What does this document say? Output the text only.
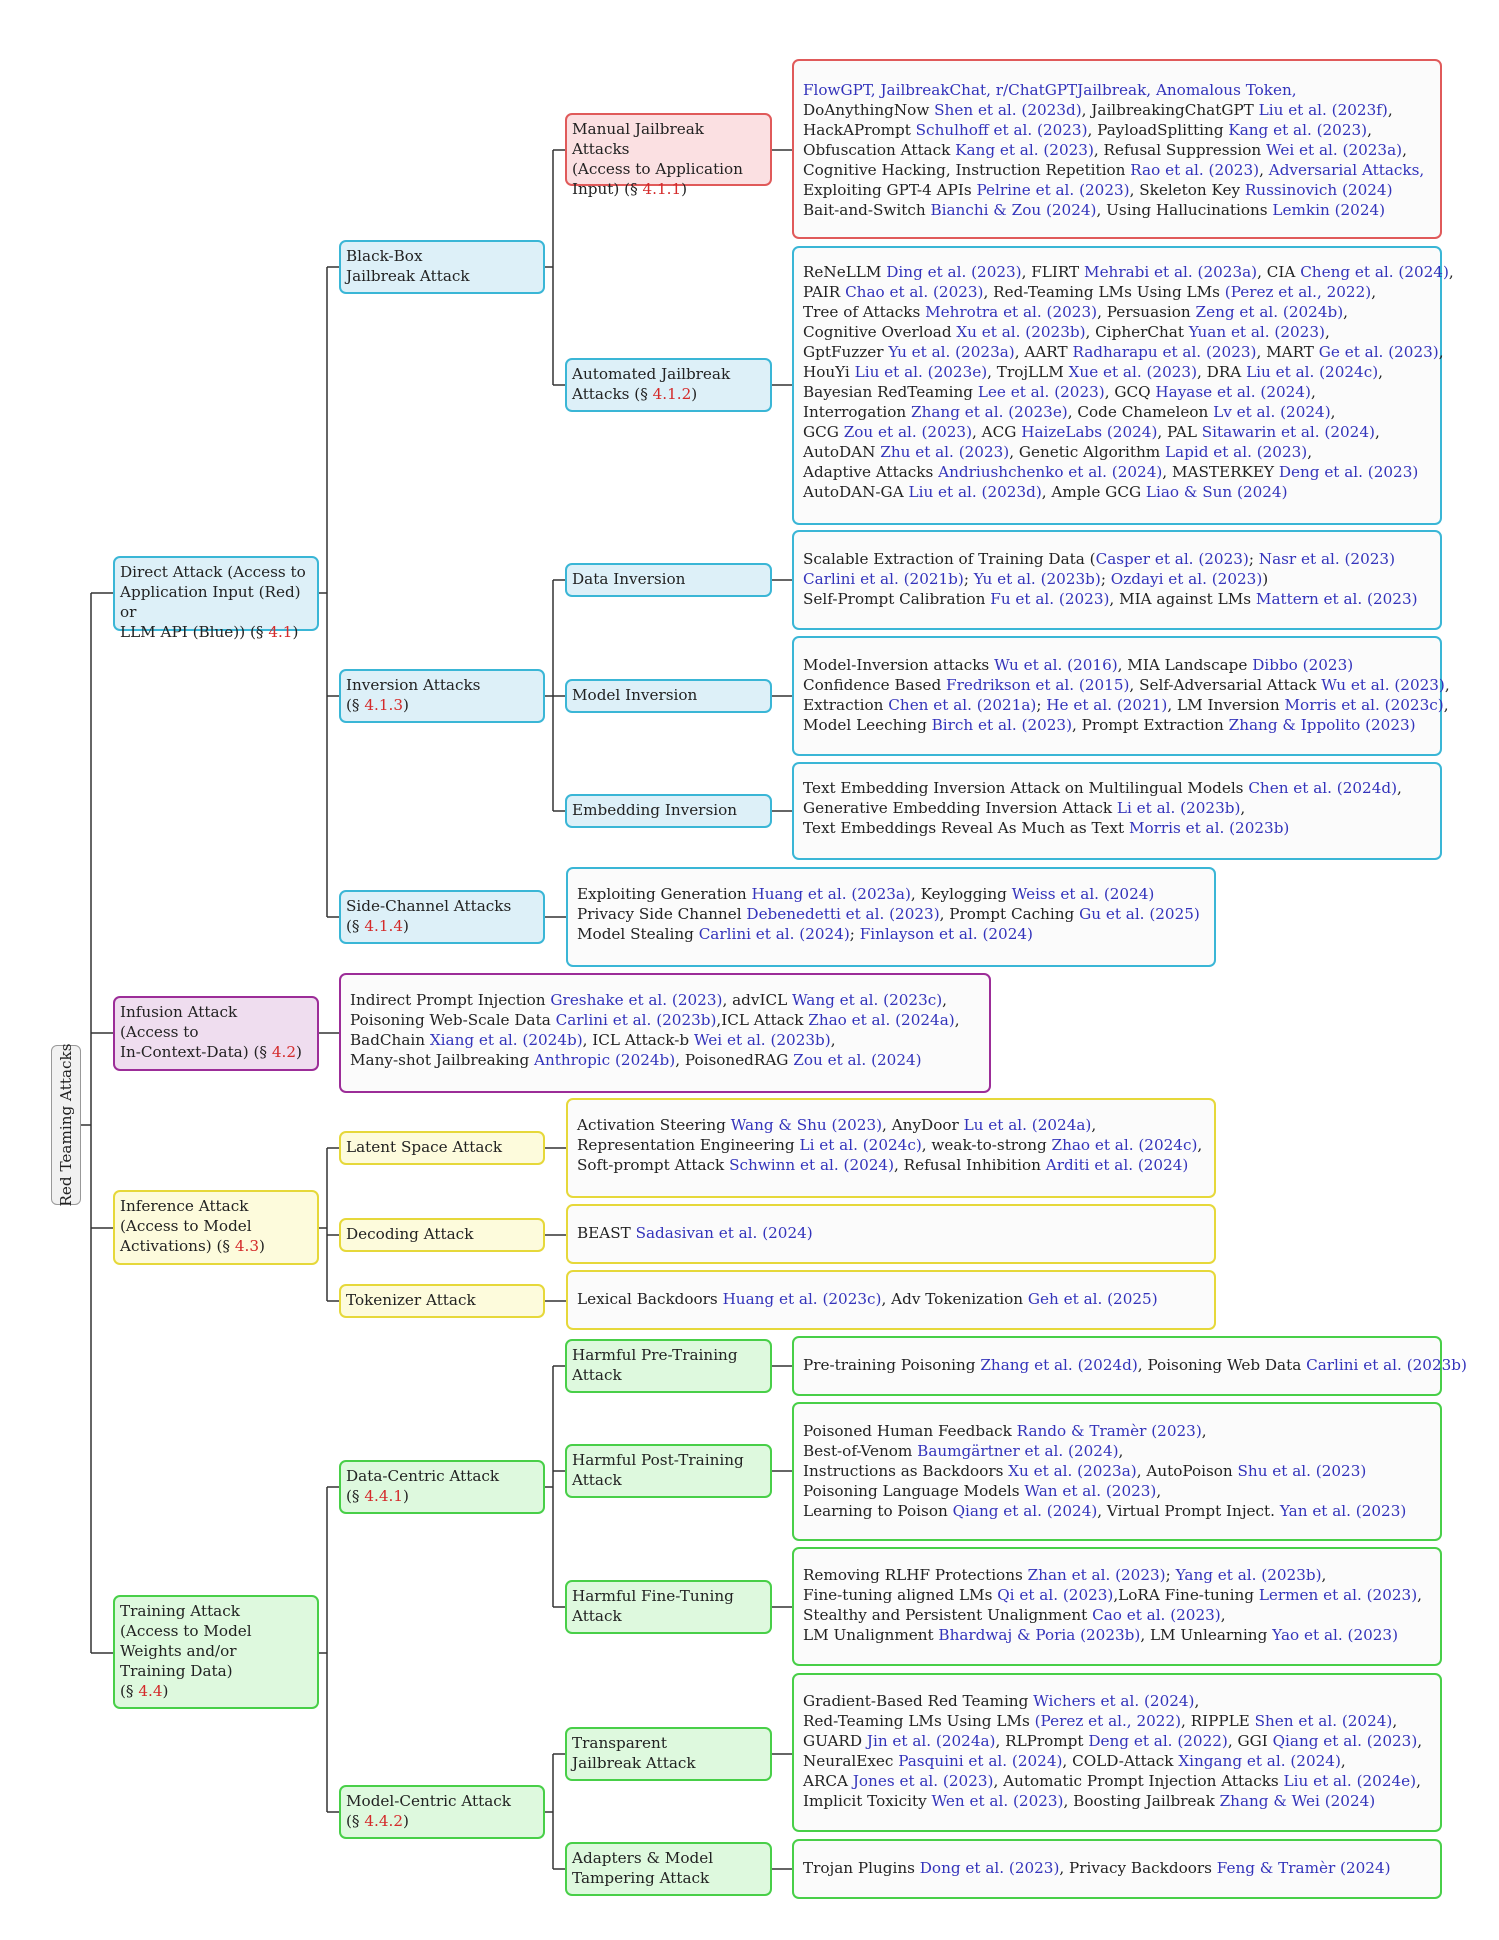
Red Teaming Attacks
Direct Attack (Access to
Application Input (Red) or
LLM API (Blue)) (§ 4.1)
Infusion Attack
(Access to
In-Context-Data) (§ 4.2)
Inference Attack
(Access to Model
Activations) (§ 4.3)
Training Attack
(Access to Model
Weights and/or
Training Data)
(§ 4.4)
Black-Box
Jailbreak Attack
Inversion Attacks
(§ 4.1.3)
Side-Channel Attacks
(§ 4.1.4)
Latent Space Attack
Decoding Attack
Tokenizer Attack
Data-Centric Attack
(§ 4.4.1)
Model-Centric Attack
(§ 4.4.2)
Manual Jailbreak Attacks
(Access to Application
Input) (§ 4.1.1)
Automated Jailbreak
Attacks (§ 4.1.2)
Data Inversion
Model Inversion
Embedding Inversion
Harmful Pre-Training
Attack
Harmful Post-Training
Attack
Harmful Fine-Tuning
Attack
Transparent
Jailbreak Attack
Adapters & Model
Tampering Attack
FlowGPT, JailbreakChat, r/ChatGPTJailbreak, Anomalous Token,
DoAnythingNow Shen et al. (2023d), JailbreakingChatGPT Liu et al. (2023f),
HackAPrompt Schulhoff et al. (2023), PayloadSplitting Kang et al. (2023),
Obfuscation Attack Kang et al. (2023), Refusal Suppression Wei et al. (2023a),
Cognitive Hacking, Instruction Repetition Rao et al. (2023), Adversarial Attacks,
Exploiting GPT-4 APIs Pelrine et al. (2023), Skeleton Key Russinovich (2024)
Bait-and-Switch Bianchi & Zou (2024), Using Hallucinations Lemkin (2024)
ReNeLLM Ding et al. (2023), FLIRT Mehrabi et al. (2023a), CIA Cheng et al. (2024),
PAIR Chao et al. (2023), Red-Teaming LMs Using LMs (Perez et al., 2022),
Tree of Attacks Mehrotra et al. (2023), Persuasion Zeng et al. (2024b),
Cognitive Overload Xu et al. (2023b), CipherChat Yuan et al. (2023),
GptFuzzer Yu et al. (2023a), AART Radharapu et al. (2023), MART Ge et al. (2023),
HouYi Liu et al. (2023e), TrojLLM Xue et al. (2023), DRA Liu et al. (2024c),
Bayesian RedTeaming Lee et al. (2023), GCQ Hayase et al. (2024),
Interrogation Zhang et al. (2023e), Code Chameleon Lv et al. (2024),
GCG Zou et al. (2023), ACG HaizeLabs (2024), PAL Sitawarin et al. (2024),
AutoDAN Zhu et al. (2023), Genetic Algorithm Lapid et al. (2023),
Adaptive Attacks Andriushchenko et al. (2024), MASTERKEY Deng et al. (2023)
AutoDAN-GA Liu et al. (2023d), Ample GCG Liao & Sun (2024)
Scalable Extraction of Training Data (Casper et al. (2023); Nasr et al. (2023)
Carlini et al. (2021b); Yu et al. (2023b); Ozdayi et al. (2023))
Self-Prompt Calibration Fu et al. (2023), MIA against LMs Mattern et al. (2023)
Model-Inversion attacks Wu et al. (2016), MIA Landscape Dibbo (2023)
Confidence Based Fredrikson et al. (2015), Self-Adversarial Attack Wu et al. (2023),
Extraction Chen et al. (2021a); He et al. (2021), LM Inversion Morris et al. (2023c),
Model Leeching Birch et al. (2023), Prompt Extraction Zhang & Ippolito (2023)
Text Embedding Inversion Attack on Multilingual Models Chen et al. (2024d),
Generative Embedding Inversion Attack Li et al. (2023b),
Text Embeddings Reveal As Much as Text Morris et al. (2023b)
Exploiting Generation Huang et al. (2023a), Keylogging Weiss et al. (2024)
Privacy Side Channel Debenedetti et al. (2023), Prompt Caching Gu et al. (2025)
Model Stealing Carlini et al. (2024); Finlayson et al. (2024)
Indirect Prompt Injection Greshake et al. (2023), advICL Wang et al. (2023c),
Poisoning Web-Scale Data Carlini et al. (2023b),ICL Attack Zhao et al. (2024a),
BadChain Xiang et al. (2024b), ICL Attack-b Wei et al. (2023b),
Many-shot Jailbreaking Anthropic (2024b), PoisonedRAG Zou et al. (2024)
Activation Steering Wang & Shu (2023), AnyDoor Lu et al. (2024a),
Representation Engineering Li et al. (2024c), weak-to-strong Zhao et al. (2024c),
Soft-prompt Attack Schwinn et al. (2024), Refusal Inhibition Arditi et al. (2024)
BEAST Sadasivan et al. (2024)
Lexical Backdoors Huang et al. (2023c), Adv Tokenization Geh et al. (2025)
Pre-training Poisoning Zhang et al. (2024d), Poisoning Web Data Carlini et al. (2023b)
Poisoned Human Feedback Rando & Tramèr (2023),
Best-of-Venom Baumgärtner et al. (2024),
Instructions as Backdoors Xu et al. (2023a), AutoPoison Shu et al. (2023)
Poisoning Language Models Wan et al. (2023),
Learning to Poison Qiang et al. (2024), Virtual Prompt Inject. Yan et al. (2023)
Removing RLHF Protections Zhan et al. (2023); Yang et al. (2023b),
Fine-tuning aligned LMs Qi et al. (2023),LoRA Fine-tuning Lermen et al. (2023),
Stealthy and Persistent Unalignment Cao et al. (2023),
LM Unalignment Bhardwaj & Poria (2023b), LM Unlearning Yao et al. (2023)
Gradient-Based Red Teaming Wichers et al. (2024),
Red-Teaming LMs Using LMs (Perez et al., 2022), RIPPLE Shen et al. (2024),
GUARD Jin et al. (2024a), RLPrompt Deng et al. (2022), GGI Qiang et al. (2023),
NeuralExec Pasquini et al. (2024), COLD-Attack Xingang et al. (2024),
ARCA Jones et al. (2023), Automatic Prompt Injection Attacks Liu et al. (2024e),
Implicit Toxicity Wen et al. (2023), Boosting Jailbreak Zhang & Wei (2024)
Trojan Plugins Dong et al. (2023), Privacy Backdoors Feng & Tramèr (2024)
